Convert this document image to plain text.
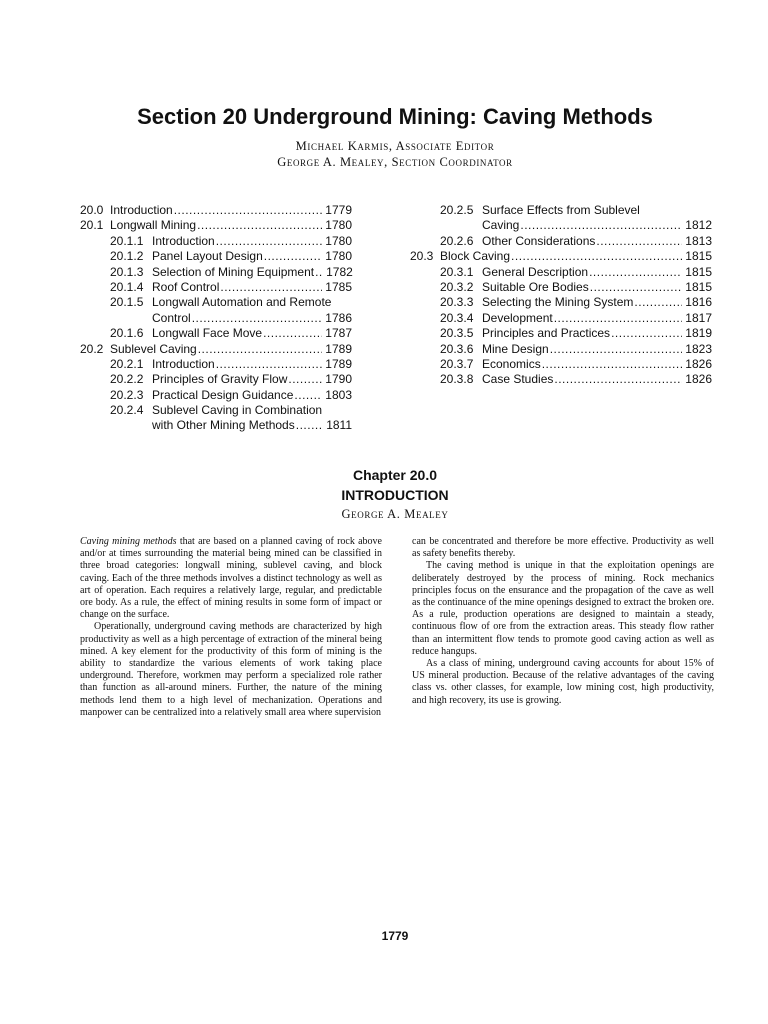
Section 20 Underground Mining: Caving Methods
Michael Karmis, Associate Editor
George A. Mealey, Section Coordinator
20.0 Introduction .....	1779
20.1 Longwall Mining .....	1780
20.1.1 Introduction .....	1780
20.1.2 Panel Layout Design .....	1780
20.1.3 Selection of Mining Equipment ..... 1782
20.1.4 Roof Control .....	1785
20.1.5 Longwall Automation and Remote
Control .....	1786
20.1.6 Longwall Face Move .....	1787
20.2 Sublevel Caving .....	1789
20.2.1 Introduction .....	1789
20.2.2 Principles of Gravity Flow .....	1790
20.2.3 Practical Design Guidance .....	1803
20.2.4 Sublevel Caving in Combination
with Other Mining Methods .....	1811
20.2.5 Surface Effects from Sublevel
Caving .....	1812
20.2.6 Other Considerations .....	1813
20.3 Block Caving .....	1815
20.3.1 General Description .....	1815
20.3.2 Suitable Ore Bodies .....	1815
20.3.3 Selecting the Mining System .....	1816
20.3.4 Development .....	1817
20.3.5 Principles and Practices .....	1819
20.3.6 Mine Design .....	1823
20.3.7 Economics .....	1826
20.3.8 Case Studies .....	1826
Chapter 20.0
INTRODUCTION
George A. Mealey

Caving mining methods that are based on a planned caving of rock above and/or at times surrounding the material being mined can be classified in three broad categories: longwall mining, sublevel caving, and block caving. Each of the three methods involves a distinct technology as well as art of operation. Each requires a relatively large, regular, and predictable ore body. As a rule, the effect of mining results in some form of impact or change on the surface.

Operationally, underground caving methods are characterized by high productivity as well as a high percentage of extraction of the mineral being mined. A key element for the productivity of this form of mining is the ability to standardize the various elements of work taking place underground. Therefore, workmen may perform a specialized role rather than function as all-around miners. Further, the nature of the mining methods lend them to a high level of mechanization. Operations and manpower can be centralized into a relatively small area where supervision

can be concentrated and therefore be more effective. Productivity as well as safety benefits thereby.

The caving method is unique in that the exploitation openings are deliberately destroyed by the process of mining. Rock mechanics principles focus on the ensurance and the propagation of the cave as well as the continuance of the mine openings designed to extract the broken ore. As a rule, production operations are designed to maintain a steady, continuous flow of ore from the extraction areas. This steady flow rather than an intermittent flow tends to promote good caving action as well as reduce hangups.

As a class of mining, underground caving accounts for about 15% of US mineral production. Because of the relative advantages of the caving class vs. other classes, for example, low mining cost, high productivity, and high recovery, its use is growing.

1779
